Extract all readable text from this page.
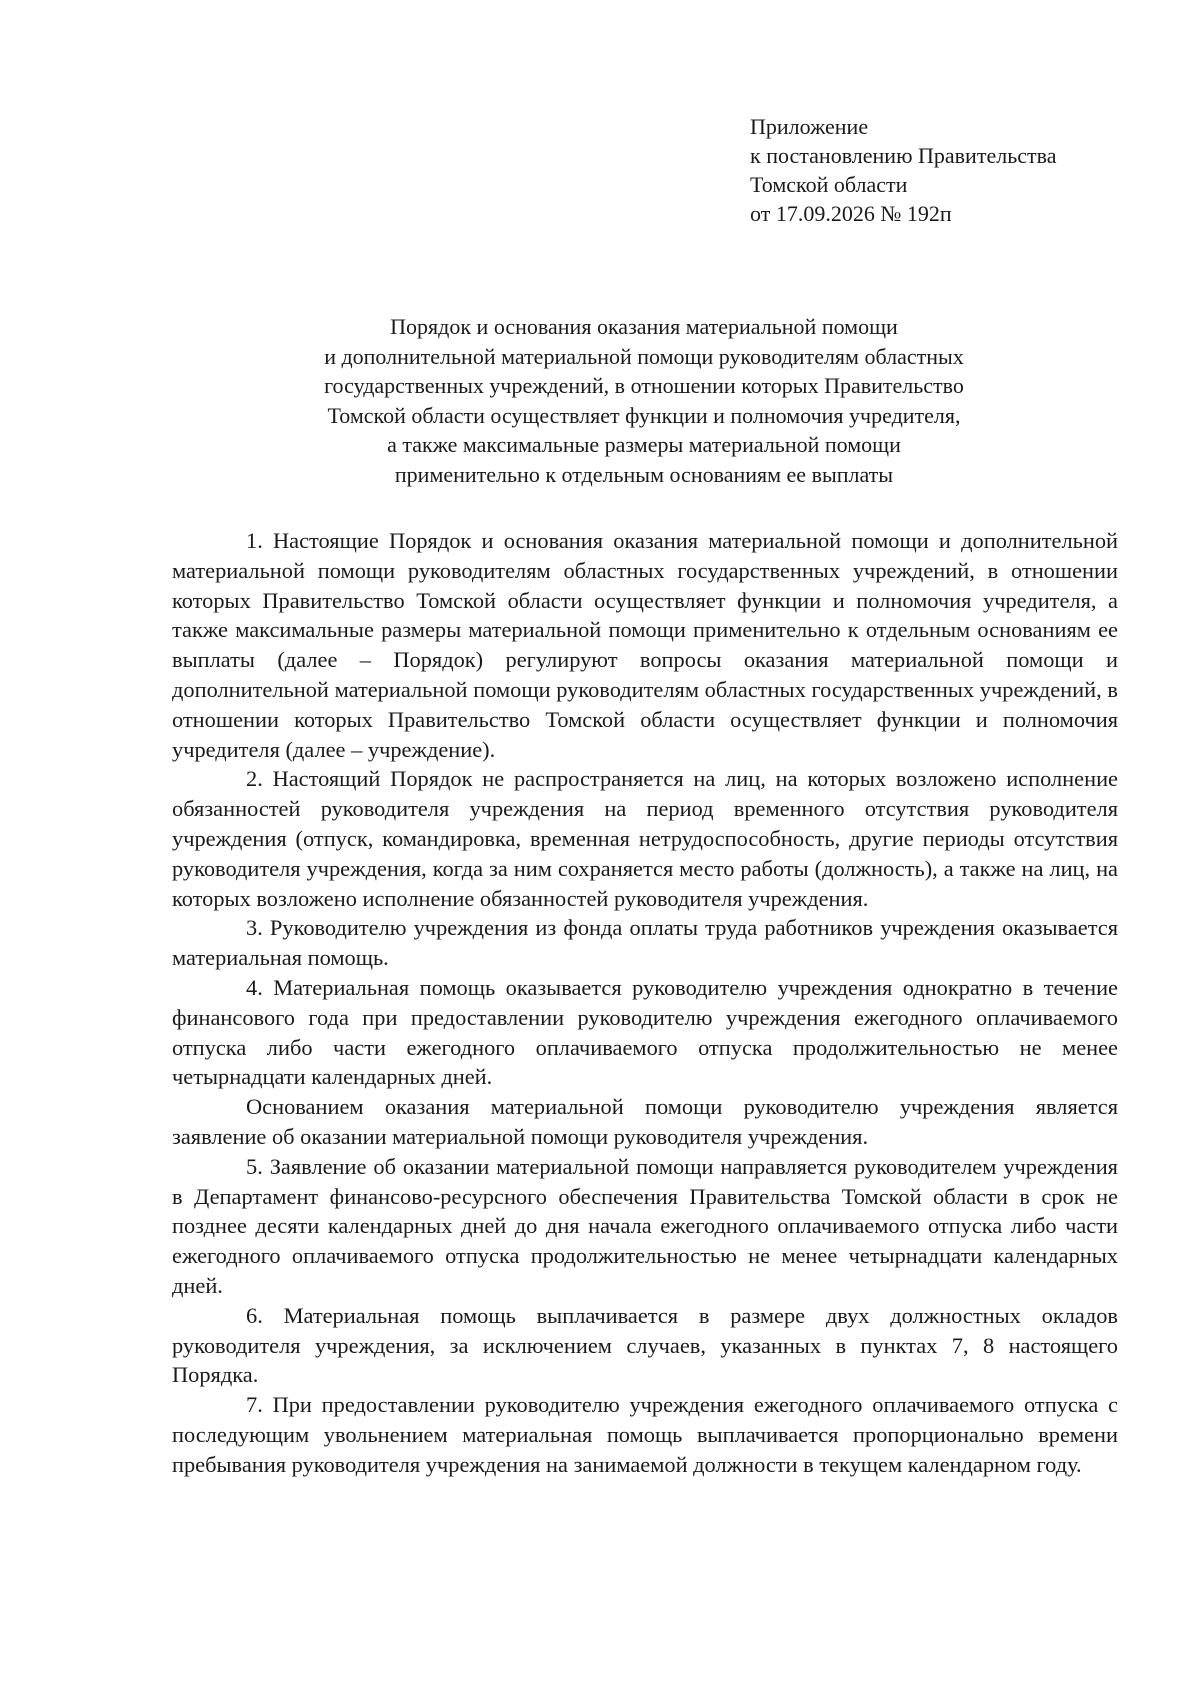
Приложение
к постановлению Правительства
Томской области
от 17.09.2026 № 192п
Порядок и основания оказания материальной помощи
и дополнительной материальной помощи руководителям областных
государственных учреждений, в отношении которых Правительство
Томской области осуществляет функции и полномочия учредителя,
а также максимальные размеры материальной помощи
применительно к отдельным основаниям ее выплаты

1. Настоящие Порядок и основания оказания материальной помощи и дополнительной материальной помощи руководителям областных государственных учреждений, в отношении которых Правительство Томской области осуществляет функции и полномочия учредителя, а также максимальные размеры материальной помощи применительно к отдельным основаниям ее выплаты (далее – Порядок) регулируют вопросы оказания материальной помощи и дополнительной материальной помощи руководителям областных государственных учреждений, в отношении которых Правительство Томской области осуществляет функции и полномочия учредителя (далее – учреждение).

2. Настоящий Порядок не распространяется на лиц, на которых возложено исполнение обязанностей руководителя учреждения на период временного отсутствия руководителя учреждения (отпуск, командировка, временная нетрудоспособность, другие периоды отсутствия руководителя учреждения, когда за ним сохраняется место работы (должность), а также на лиц, на которых возложено исполнение обязанностей руководителя учреждения.

3. Руководителю учреждения из фонда оплаты труда работников учреждения оказывается материальная помощь.

4. Материальная помощь оказывается руководителю учреждения однократно в течение финансового года при предоставлении руководителю учреждения ежегодного оплачиваемого отпуска либо части ежегодного оплачиваемого отпуска продолжительностью не менее четырнадцати календарных дней.

Основанием оказания материальной помощи руководителю учреждения является заявление об оказании материальной помощи руководителя учреждения.

5. Заявление об оказании материальной помощи направляется руководителем учреждения в Департамент финансово-ресурсного обеспечения Правительства Томской области в срок не позднее десяти календарных дней до дня начала ежегодного оплачиваемого отпуска либо части ежегодного оплачиваемого отпуска продолжительностью не менее четырнадцати календарных дней.

6. Материальная помощь выплачивается в размере двух должностных окладов руководителя учреждения, за исключением случаев, указанных в пунктах 7, 8 настоящего Порядка.

7. При предоставлении руководителю учреждения ежегодного оплачиваемого отпуска с последующим увольнением материальная помощь выплачивается пропорционально времени пребывания руководителя учреждения на занимаемой должности в текущем календарном году.
